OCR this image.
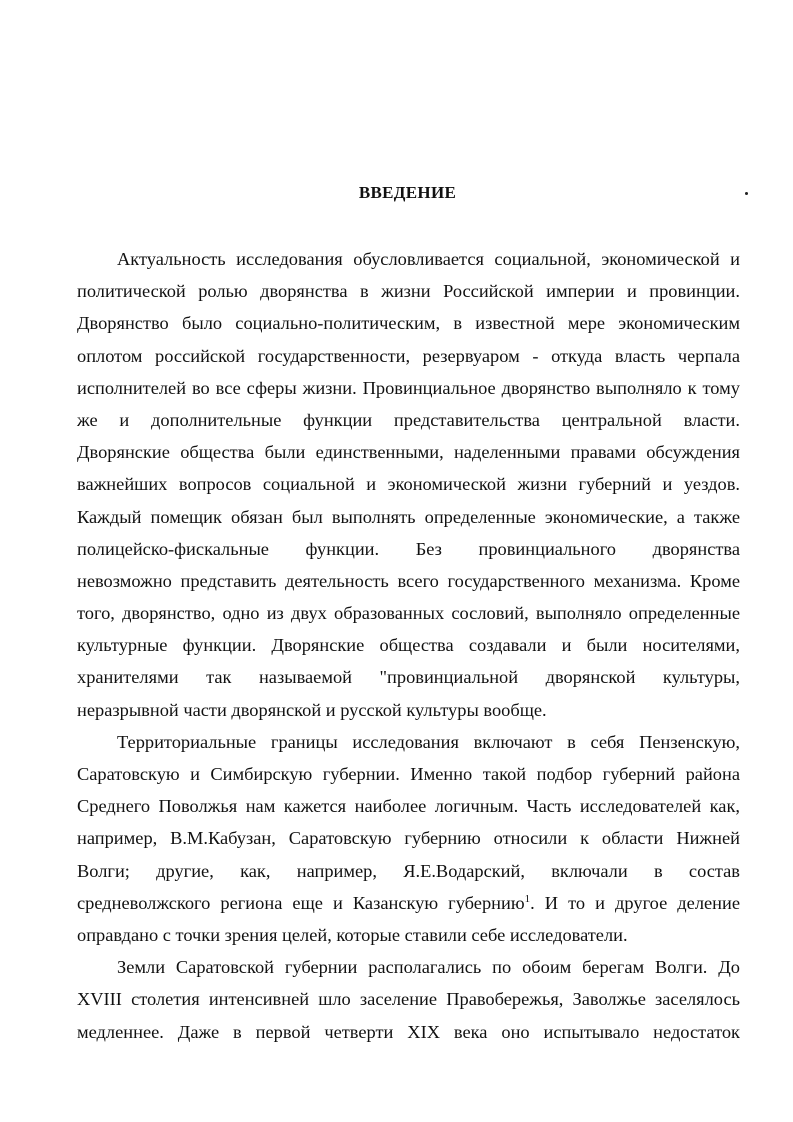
ВВЕДЕНИЕ
Актуальность исследования обусловливается социальной, экономической и
политической ролью дворянства в жизни Российской империи и провинции.
Дворянство было социально-политическим, в известной мере экономическим
оплотом российской государственности, резервуаром - откуда власть черпала
исполнителей во все сферы жизни. Провинциальное дворянство выполняло к тому
же и дополнительные функции представительства центральной власти.
Дворянские общества были единственными, наделенными правами обсуждения
важнейших вопросов социальной и экономической жизни губерний и уездов.
Каждый помещик обязан был выполнять определенные экономические, а также
полицейско-фискальные функции. Без провинциального дворянства
невозможно представить деятельность всего государственного механизма. Кроме
того, дворянство, одно из двух образованных сословий, выполняло определенные
культурные функции. Дворянские общества создавали и были носителями,
хранителями так называемой "провинциальной дворянской культуры,
неразрывной части дворянской и русской культуры вообще.
Территориальные границы исследования включают в себя Пензенскую,
Саратовскую и Симбирскую губернии. Именно такой подбор губерний района
Среднего Поволжья нам кажется наиболее логичным. Часть исследователей как,
например, В.М.Кабузан, Саратовскую губернию относили к области Нижней
Волги; другие, как, например, Я.Е.Водарский, включали в состав
средневолжского региона еще и Казанскую губернию$^1$. И то и другое деление
оправдано с точки зрения целей, которые ставили себе исследователи.
Земли Саратовской губернии располагались по обоим берегам Волги. До
XVIII столетия интенсивней шло заселение Правобережья, Заволжье заселялось
медленнее. Даже в первой четверти XIX века оно испытывало недостаток
